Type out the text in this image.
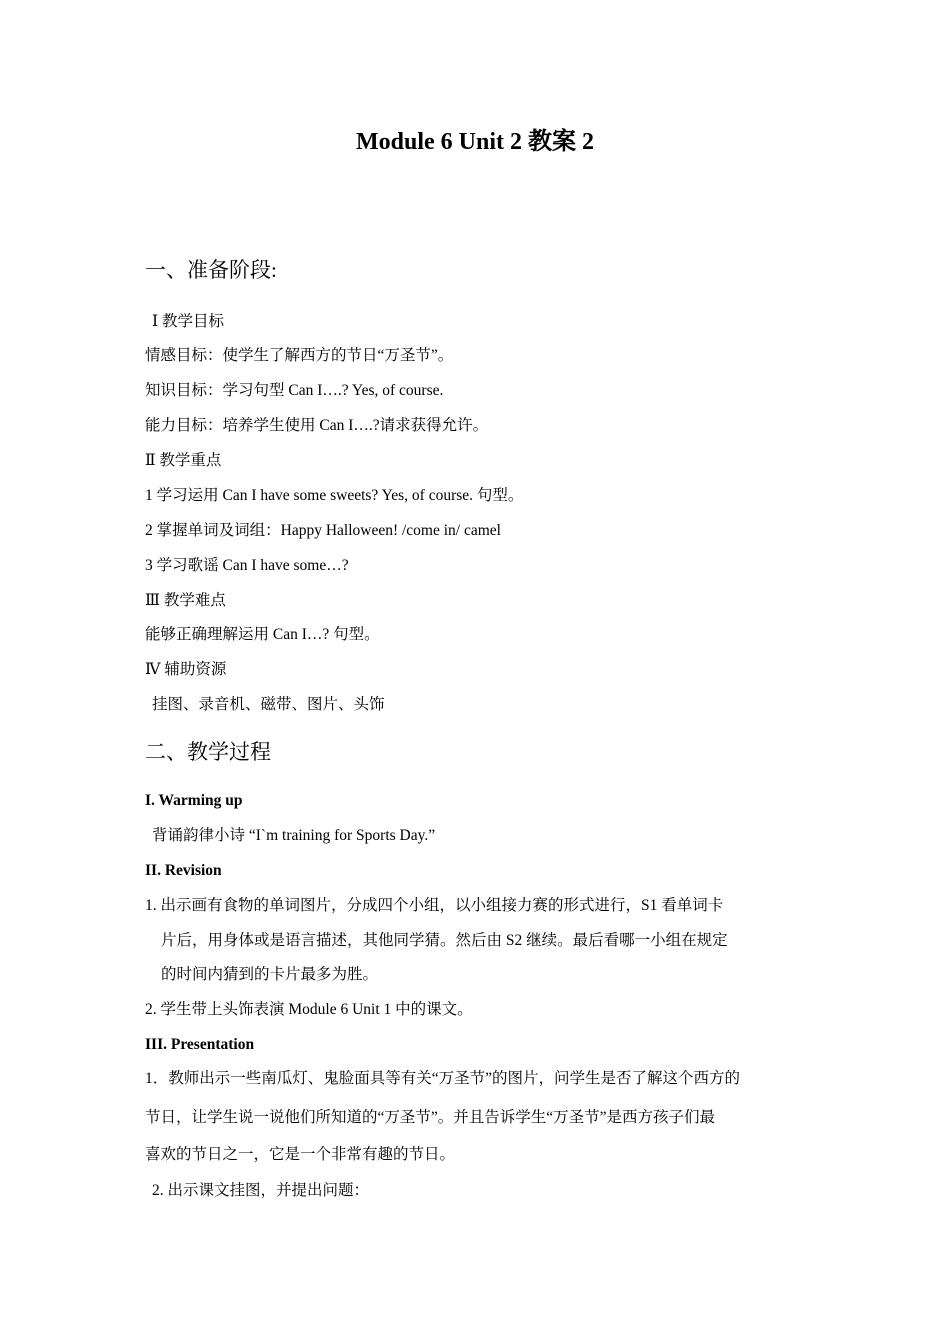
Module 6 Unit 2 教案 2
一、准备阶段:
Ⅰ 教学目标
情感目标：使学生了解西方的节日“万圣节”。
知识目标：学习句型 Can I….? Yes, of course.
能力目标：培养学生使用 Can I….?请求获得允许。
Ⅱ 教学重点
1 学习运用 Can I have some sweets? Yes, of course. 句型。
2 掌握单词及词组：Happy Halloween! /come in/ camel
3 学习歌谣 Can I have some…?
Ⅲ 教学难点
能够正确理解运用 Can I…? 句型。
Ⅳ 辅助资源
挂图、录音机、磁带、图片、头饰
二、教学过程
I. Warming up
背诵韵律小诗 “I`m training for Sports Day.”
II. Revision
1. 出示画有食物的单词图片，分成四个小组，以小组接力赛的形式进行，S1 看单词卡
片后，用身体或是语言描述，其他同学猜。然后由 S2 继续。最后看哪一小组在规定
的时间内猜到的卡片最多为胜。
2. 学生带上头饰表演 Module 6 Unit 1 中的课文。
III. Presentation
1．教师出示一些南瓜灯、鬼脸面具等有关“万圣节”的图片，问学生是否了解这个西方的
节日，让学生说一说他们所知道的“万圣节”。并且告诉学生“万圣节”是西方孩子们最
喜欢的节日之一，它是一个非常有趣的节日。
2. 出示课文挂图，并提出问题：
